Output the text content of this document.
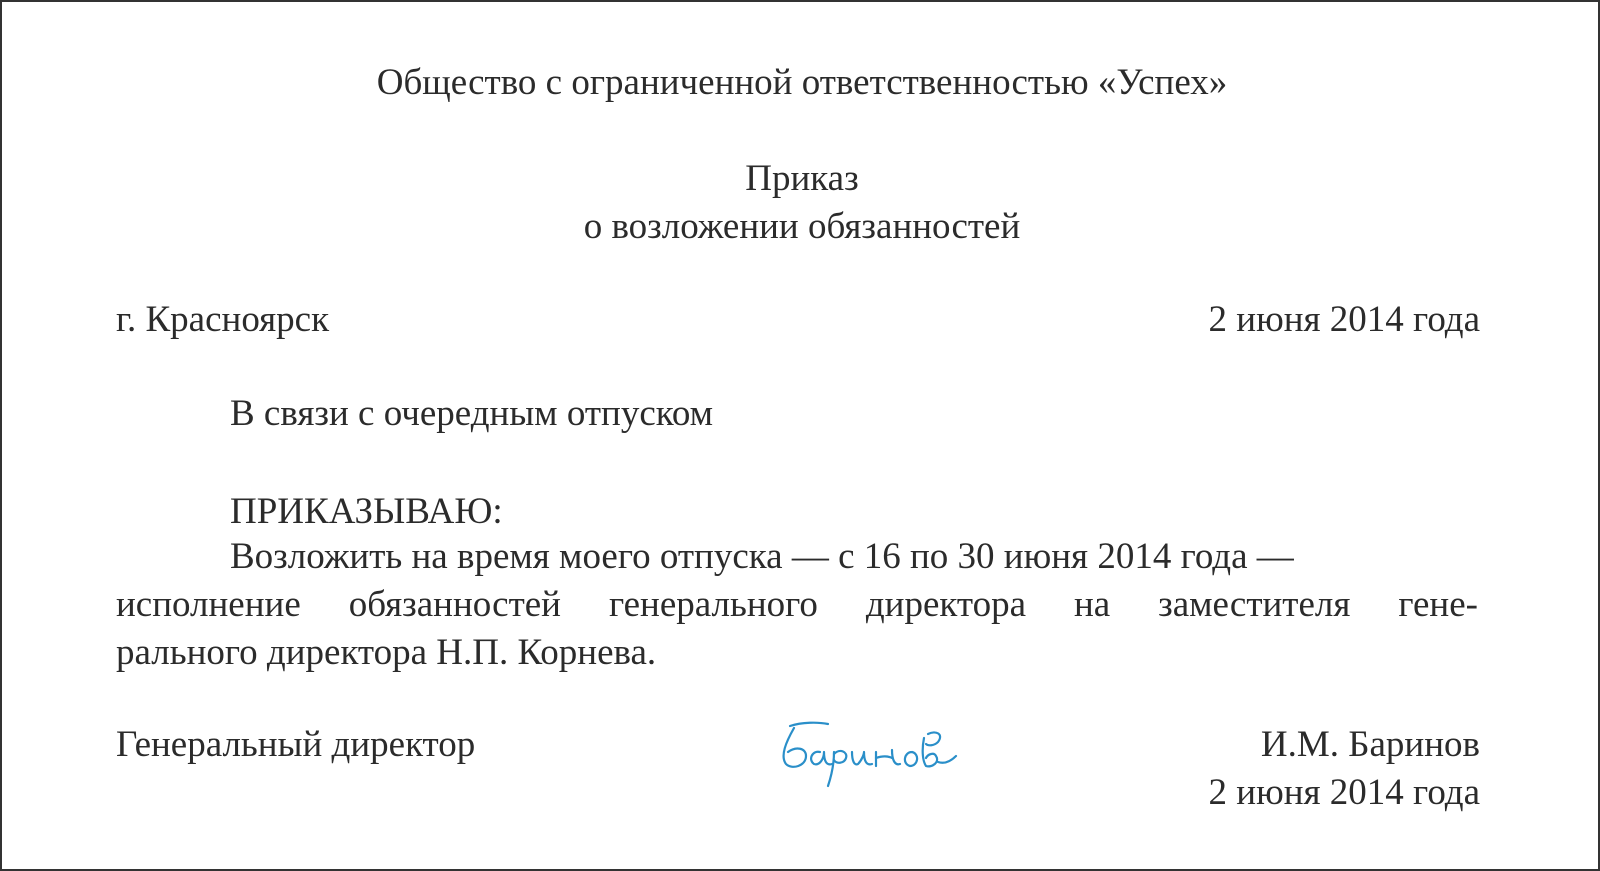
Общество с ограниченной ответственностью «Успех»
Приказ
о возложении обязанностей
г. Красноярск	2 июня 2014 года
В связи с очередным отпуском
ПРИКАЗЫВАЮ:
Возложить на время моего отпуска — с 16 по 30 июня 2014 года —
исполнение обязанностей генерального директора на заместителя гене-
рального директора Н.П. Корнева.
Генеральный директор	И.М. Баринов
2 июня 2014 года
